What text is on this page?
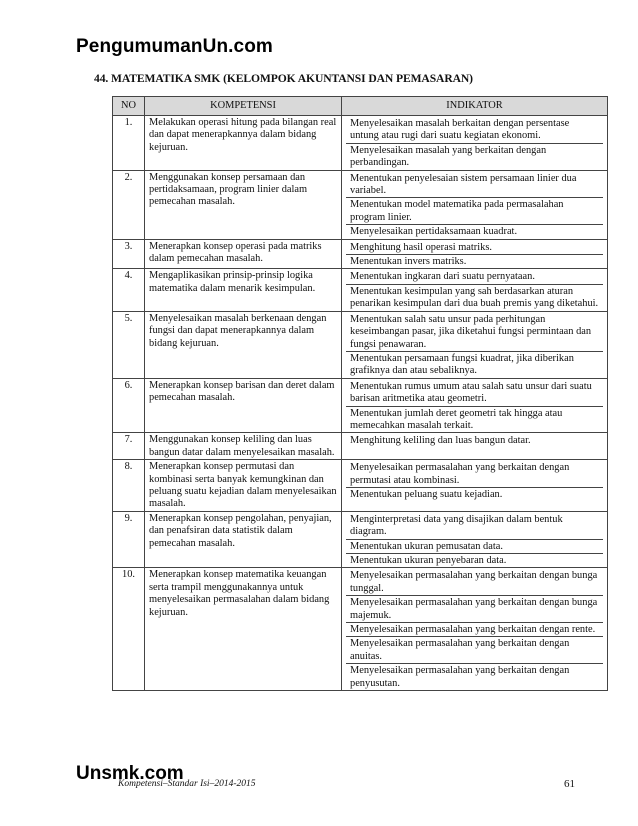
PengumumanUn.com
44. MATEMATIKA SMK (KELOMPOK AKUNTANSI DAN PEMASARAN)
NO	KOMPETENSI	INDIKATOR
1.	Melakukan operasi hitung pada bilangan real dan dapat menerapkannya dalam bidang kejuruan.	Menyelesaikan masalah berkaitan dengan persentase untung atau rugi dari suatu kegiatan ekonomi.
Menyelesaikan masalah yang berkaitan dengan perbandingan.

2.	Menggunakan konsep persamaan dan pertidaksamaan, program linier dalam pemecahan masalah.	Menentukan penyelesaian sistem persamaan linier dua variabel.
Menentukan model matematika pada permasalahan program linier.
Menyelesaikan pertidaksamaan kuadrat.

3.	Menerapkan konsep operasi pada matriks dalam pemecahan masalah.	Menghitung hasil operasi matriks.
Menentukan invers matriks.

4.	Mengaplikasikan prinsip-prinsip logika matematika dalam menarik kesimpulan.	Menentukan ingkaran dari suatu pernyataan.
Menentukan kesimpulan yang sah berdasarkan aturan penarikan kesimpulan dari dua buah premis yang diketahui.

5.	Menyelesaikan masalah berkenaan dengan fungsi dan dapat menerapkannya dalam bidang kejuruan.	Menentukan salah satu unsur pada perhitungan keseimbangan pasar, jika diketahui fungsi permintaan dan fungsi penawaran.
Menentukan persamaan fungsi kuadrat, jika diberikan grafiknya dan atau sebaliknya.

6.	Menerapkan konsep barisan dan deret dalam pemecahan masalah.	Menentukan rumus umum atau salah satu unsur dari suatu barisan aritmetika atau geometri.
Menentukan jumlah deret geometri tak hingga atau memecahkan masalah terkait.

7.	Menggunakan konsep keliling dan luas bangun datar dalam menyelesaikan masalah.	Menghitung keliling dan luas bangun datar.

8.	Menerapkan konsep permutasi dan kombinasi serta banyak kemungkinan dan peluang suatu kejadian dalam menyelesaikan masalah.	Menyelesaikan permasalahan yang berkaitan dengan permutasi atau kombinasi.
Menentukan peluang suatu kejadian.

9.	Menerapkan konsep pengolahan, penyajian, dan penafsiran data statistik dalam pemecahan masalah.	Menginterpretasi data yang disajikan dalam bentuk diagram.
Menentukan ukuran pemusatan data.
Menentukan ukuran penyebaran data.

10.	Menerapkan konsep matematika keuangan serta trampil menggunakannya untuk menyelesaikan permasalahan dalam bidang kejuruan.	Menyelesaikan permasalahan yang berkaitan dengan bunga tunggal.
Menyelesaikan permasalahan yang berkaitan dengan bunga majemuk.
Menyelesaikan permasalahan yang berkaitan dengan rente.
Menyelesaikan permasalahan yang berkaitan dengan anuitas.
Menyelesaikan permasalahan yang berkaitan dengan penyusutan.
Unsmk.com
Kompetensi–Standar Isi–2014-2015	61
